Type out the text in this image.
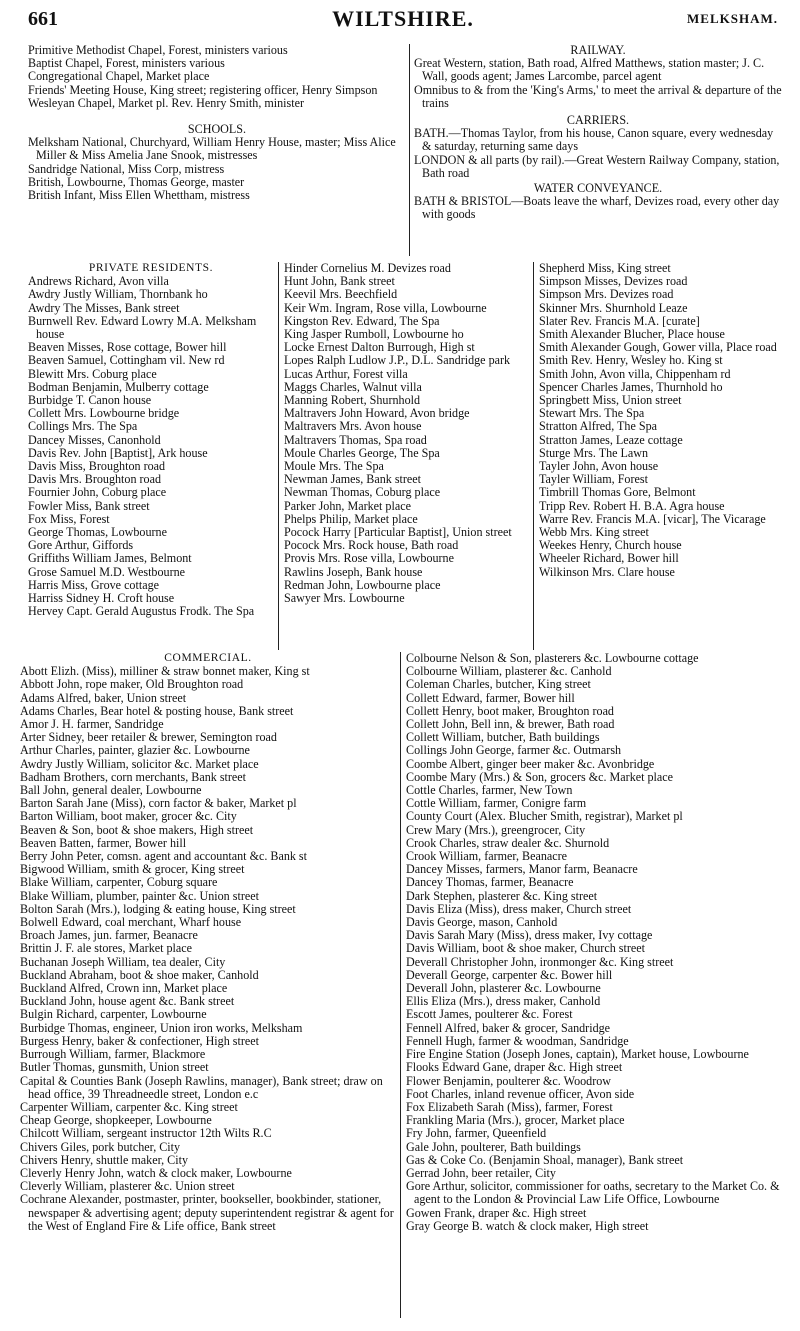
661	WILTSHIRE.	MELKSHAM.

Primitive Methodist Chapel, Forest, ministers various

Baptist Chapel, Forest, ministers various

Congregational Chapel, Market place

Friends' Meeting House, King street; registering officer, Henry Simpson

Wesleyan Chapel, Market pl. Rev. Henry Smith, minister

SCHOOLS.

Melksham National, Churchyard, William Henry House, master; Miss Alice Miller & Miss Amelia Jane Snook, mistresses

Sandridge National, Miss Corp, mistress

British, Lowbourne, Thomas George, master

British Infant, Miss Ellen Whettham, mistress

RAILWAY.

Great Western, station, Bath road, Alfred Matthews, station master; J. C. Wall, goods agent; James Larcombe, parcel agent

Omnibus to & from the 'King's Arms,' to meet the arrival & departure of the trains

CARRIERS.

BATH.—Thomas Taylor, from his house, Canon square, every wednesday & saturday, returning same days

LONDON & all parts (by rail).—Great Western Railway Company, station, Bath road

WATER CONVEYANCE.

BATH & BRISTOL—Boats leave the wharf, Devizes road, every other day with goods

PRIVATE RESIDENTS.

Andrews Richard, Avon villa

Awdry Justly William, Thornbank ho

Awdry The Misses, Bank street

Burnwell Rev. Edward Lowry M.A. Melksham house

Beaven Misses, Rose cottage, Bower hill

Beaven Samuel, Cottingham vil. New rd

Blewitt Mrs. Coburg place

Bodman Benjamin, Mulberry cottage

Burbidge T. Canon house

Collett Mrs. Lowbourne bridge

Collings Mrs. The Spa

Dancey Misses, Canonhold

Davis Rev. John [Baptist], Ark house

Davis Miss, Broughton road

Davis Mrs. Broughton road

Fournier John, Coburg place

Fowler Miss, Bank street

Fox Miss, Forest

George Thomas, Lowbourne

Gore Arthur, Giffords

Griffiths William James, Belmont

Grose Samuel M.D. Westbourne

Harris Miss, Grove cottage

Harriss Sidney H. Croft house

Hervey Capt. Gerald Augustus Frodk. The Spa

Hinder Cornelius M. Devizes road

Hunt John, Bank street

Keevil Mrs. Beechfield

Keir Wm. Ingram, Rose villa, Lowbourne

Kingston Rev. Edward, The Spa

King Jasper Rumboll, Lowbourne ho

Locke Ernest Dalton Burrough, High st

Lopes Ralph Ludlow J.P., D.L. Sandridge park

Lucas Arthur, Forest villa

Maggs Charles, Walnut villa

Manning Robert, Shurnhold

Maltravers John Howard, Avon bridge

Maltravers Mrs. Avon house

Maltravers Thomas, Spa road

Moule Charles George, The Spa

Moule Mrs. The Spa

Newman James, Bank street

Newman Thomas, Coburg place

Parker John, Market place

Phelps Philip, Market place

Pocock Harry [Particular Baptist], Union street

Pocock Mrs. Rock house, Bath road

Provis Mrs. Rose villa, Lowbourne

Rawlins Joseph, Bank house

Redman John, Lowbourne place

Sawyer Mrs. Lowbourne

Shepherd Miss, King street

Simpson Misses, Devizes road

Simpson Mrs. Devizes road

Skinner Mrs. Shurnhold Leaze

Slater Rev. Francis M.A. [curate]

Smith Alexander Blucher, Place house

Smith Alexander Gough, Gower villa, Place road

Smith Rev. Henry, Wesley ho. King st

Smith John, Avon villa, Chippenham rd

Spencer Charles James, Thurnhold ho

Springbett Miss, Union street

Stewart Mrs. The Spa

Stratton Alfred, The Spa

Stratton James, Leaze cottage

Sturge Mrs. The Lawn

Tayler John, Avon house

Tayler William, Forest

Timbrill Thomas Gore, Belmont

Tripp Rev. Robert H. B.A. Agra house

Warre Rev. Francis M.A. [vicar], The Vicarage

Webb Mrs. King street

Weekes Henry, Church house

Wheeler Richard, Bower hill

Wilkinson Mrs. Clare house

COMMERCIAL.

Abott Elizh. (Miss), milliner & straw bonnet maker, King st

Abbott John, rope maker, Old Broughton road

Adams Alfred, baker, Union street

Adams Charles, Bear hotel & posting house, Bank street

Amor J. H. farmer, Sandridge

Arter Sidney, beer retailer & brewer, Semington road

Arthur Charles, painter, glazier &c. Lowbourne

Awdry Justly William, solicitor &c. Market place

Badham Brothers, corn merchants, Bank street

Ball John, general dealer, Lowbourne

Barton Sarah Jane (Miss), corn factor & baker, Market pl

Barton William, boot maker, grocer &c. City

Beaven & Son, boot & shoe makers, High street

Beaven Batten, farmer, Bower hill

Berry John Peter, comsn. agent and accountant &c. Bank st

Bigwood William, smith & grocer, King street

Blake William, carpenter, Coburg square

Blake William, plumber, painter &c. Union street

Bolton Sarah (Mrs.), lodging & eating house, King street

Bolwell Edward, coal merchant, Wharf house

Broach James, jun. farmer, Beanacre

Brittin J. F. ale stores, Market place

Buchanan Joseph William, tea dealer, City

Buckland Abraham, boot & shoe maker, Canhold

Buckland Alfred, Crown inn, Market place

Buckland John, house agent &c. Bank street

Bulgin Richard, carpenter, Lowbourne

Burbidge Thomas, engineer, Union iron works, Melksham

Burgess Henry, baker & confectioner, High street

Burrough William, farmer, Blackmore

Butler Thomas, gunsmith, Union street

Capital & Counties Bank (Joseph Rawlins, manager), Bank street; draw on head office, 39 Threadneedle street, London e.c

Carpenter William, carpenter &c. King street

Cheap George, shopkeeper, Lowbourne

Chilcott William, sergeant instructor 12th Wilts R.C

Chivers Giles, pork butcher, City

Chivers Henry, shuttle maker, City

Cleverly Henry John, watch & clock maker, Lowbourne

Cleverly William, plasterer &c. Union street

Cochrane Alexander, postmaster, printer, bookseller, bookbinder, stationer, newspaper & advertising agent; deputy superintendent registrar & agent for the West of England Fire & Life office, Bank street

Colbourne Nelson & Son, plasterers &c. Lowbourne cottage

Colbourne William, plasterer &c. Canhold

Coleman Charles, butcher, King street

Collett Edward, farmer, Bower hill

Collett Henry, boot maker, Broughton road

Collett John, Bell inn, & brewer, Bath road

Collett William, butcher, Bath buildings

Collings John George, farmer &c. Outmarsh

Coombe Albert, ginger beer maker &c. Avonbridge

Coombe Mary (Mrs.) & Son, grocers &c. Market place

Cottle Charles, farmer, New Town

Cottle William, farmer, Conigre farm

County Court (Alex. Blucher Smith, registrar), Market pl

Crew Mary (Mrs.), greengrocer, City

Crook Charles, straw dealer &c. Shurnold

Crook William, farmer, Beanacre

Dancey Misses, farmers, Manor farm, Beanacre

Dancey Thomas, farmer, Beanacre

Dark Stephen, plasterer &c. King street

Davis Eliza (Miss), dress maker, Church street

Davis George, mason, Canhold

Davis Sarah Mary (Miss), dress maker, Ivy cottage

Davis William, boot & shoe maker, Church street

Deverall Christopher John, ironmonger &c. King street

Deverall George, carpenter &c. Bower hill

Deverall John, plasterer &c. Lowbourne

Ellis Eliza (Mrs.), dress maker, Canhold

Escott James, poulterer &c. Forest

Fennell Alfred, baker & grocer, Sandridge

Fennell Hugh, farmer & woodman, Sandridge

Fire Engine Station (Joseph Jones, captain), Market house, Lowbourne

Flooks Edward Gane, draper &c. High street

Flower Benjamin, poulterer &c. Woodrow

Foot Charles, inland revenue officer, Avon side

Fox Elizabeth Sarah (Miss), farmer, Forest

Frankling Maria (Mrs.), grocer, Market place

Fry John, farmer, Queenfield

Gale John, poulterer, Bath buildings

Gas & Coke Co. (Benjamin Shoal, manager), Bank street

Gerrad John, beer retailer, City

Gore Arthur, solicitor, commissioner for oaths, secretary to the Market Co. & agent to the London & Provincial Law Life Office, Lowbourne

Gowen Frank, draper &c. High street

Gray George B. watch & clock maker, High street
